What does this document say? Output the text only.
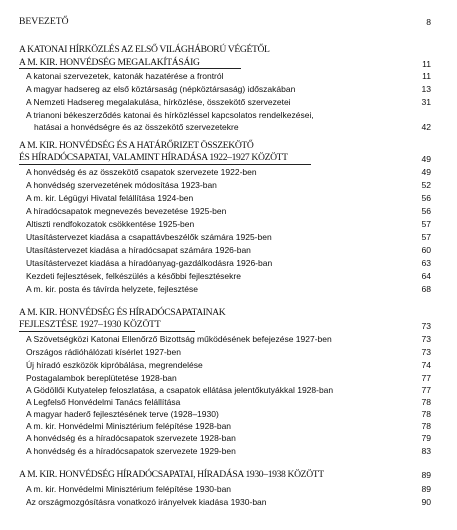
BEVEZETŐ	8
A KATONAI HÍRKÖZLÉS AZ ELSŐ VILÁGHÁBORÚ VÉGÉTŐL
A M. KIR. HONVÉDSÉG MEGALAKÍTÁSÁIG	11
A katonai szervezetek, katonák hazatérése a frontról	11
A magyar hadsereg az első köztársaság (népköztársaság) időszakában	13
A Nemzeti Hadsereg megalakulása, hírközlése, összekötő szervezetei	31
A trianoni békeszerződés katonai és hírközléssel kapcsolatos rendelkezései,
hatásai a honvédségre és az összekötő szervezetekre	42
A M. KIR. HONVÉDSÉG ÉS A HATÁRŐRIZET ÖSSZEKÖTŐ
ÉS HÍRADÓCSAPATAI, VALAMINT HÍRADÁSA 1922–1927 KÖZÖTT	49
A honvédség és az összekötő csapatok szervezete 1922-ben	49
A honvédség szervezetének módosítása 1923-ban	52
A m. kir. Légügyi Hivatal felállítása 1924-ben	56
A híradócsapatok megnevezés bevezetése 1925-ben	56
Altiszti rendfokozatok csökkentése 1925-ben	57
Utasítástervezet kiadása a csapattávbeszélők számára 1925-ben	57
Utasítástervezet kiadása a híradócsapat számára 1926-ban	60
Utasítástervezet kiadása a híradóanyag-gazdálkodásra 1926-ban	63
Kezdeti fejlesztések, felkészülés a későbbi fejlesztésekre	64
A m. kir. posta és távírda helyzete, fejlesztése	68
A M. KIR. HONVÉDSÉG ÉS HÍRADÓCSAPATAINAK
FEJLESZTÉSE 1927–1930 KÖZÖTT	73
A Szövetségközi Katonai Ellenőrző Bizottság működésének befejezése 1927-ben	73
Országos rádióhálózati kísérlet 1927-ben	73
Új híradó eszközök kipróbálása, megrendelése	74
Postagalambok bereplütetése 1928-ban	77
A Gödöllői Kutyatelep feloszlatása, a csapatok ellátása jelentőkutyákkal 1928-ban	77
A Legfelső Honvédelmi Tanács felállítása	78
A magyar haderő fejlesztésének terve (1928–1930)	78
A m. kir. Honvédelmi Minisztérium felépítése 1928-ban	78
A honvédség és a híradócsapatok szervezete 1928-ban	79
A honvédség és a híradócsapatok szervezete 1929-ben	83
A M. KIR. HONVÉDSÉG HÍRADÓCSAPATAI, HÍRADÁSA 1930–1938 KÖZÖTT	89
A m. kir. Honvédelmi Minisztérium felépítése 1930-ban	89
Az országmozgósításra vonatkozó irányelvek kiadása 1930-ban	90
